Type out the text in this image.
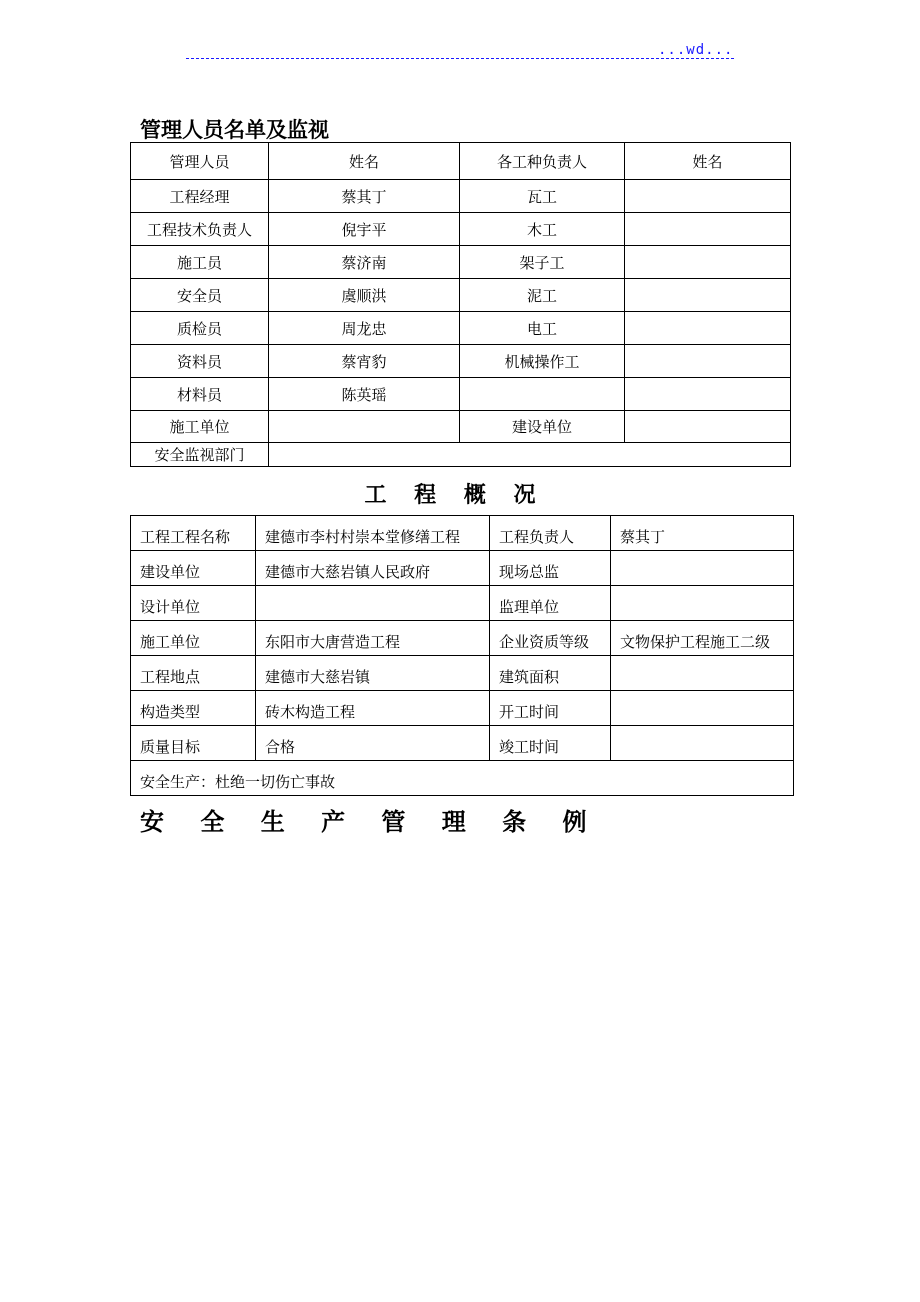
...wd...
管理人员名单及监视
管理人员	姓名	各工种负责人	姓名
工程经理	蔡其丁	瓦工	
工程技术负责人	倪宇平	木工	
施工员	蔡济南	架子工	
安全员	虞顺洪	泥工	
质检员	周龙忠	电工	
资料员	蔡宵豹	机械操作工	
材料员	陈英瑶		
施工单位		建设单位	
安全监视部门			
工 程 概 况
工程工程名称	建德市李村村崇本堂修缮工程	工程负责人	蔡其丁
建设单位	建德市大慈岩镇人民政府	现场总监	
设计单位		监理单位	
施工单位	东阳市大唐营造工程	企业资质等级	文物保护工程施工二级
工程地点	建德市大慈岩镇	建筑面积	
构造类型	砖木构造工程	开工时间	
质量目标	合格	竣工时间	
安全生产：杜绝一切伤亡事故			
安 全 生 产 管 理 条 例
